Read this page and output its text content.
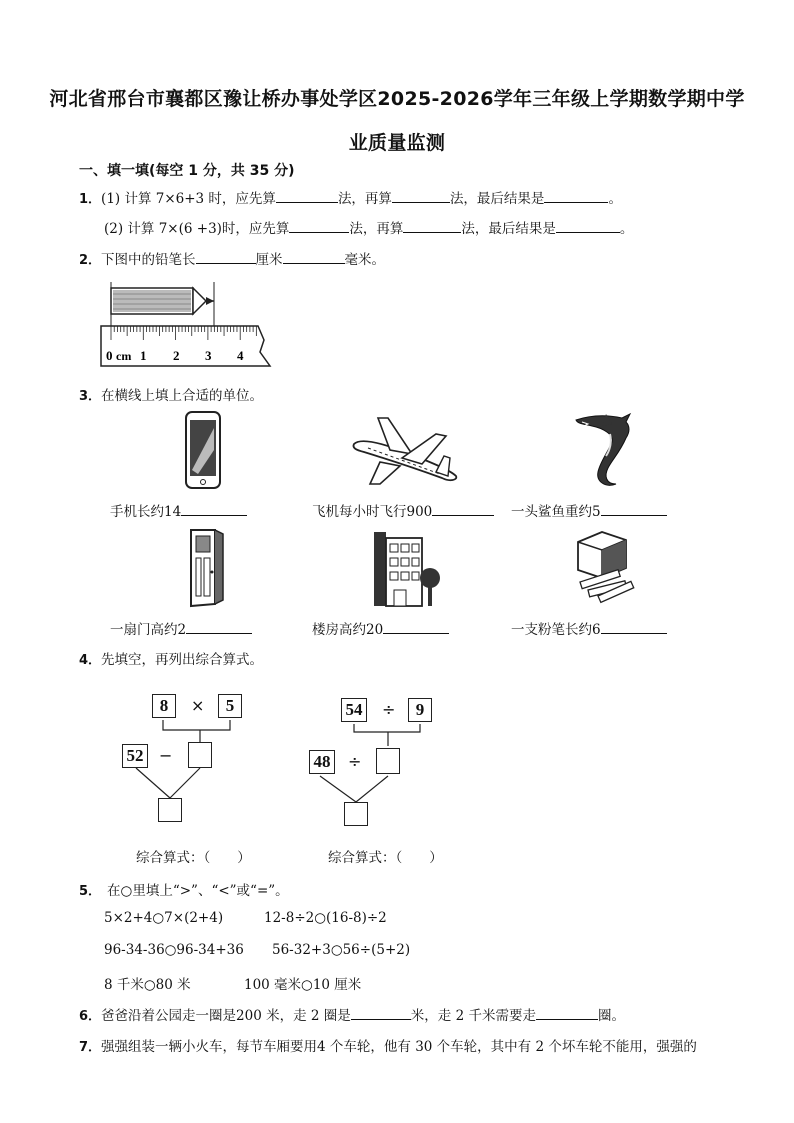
河北省邢台市襄都区豫让桥办事处学区2025-2026学年三年级上学期数学期中学
业质量监测
一、填一填(每空 1 分，共 35 分)
1．(1) 计算 7×6+3 时，应先算	法，再算	法，最后结果是	。
(2) 计算 7×(6 +3)时，应先算	法，再算	法，最后结果是	。
2．下图中的铅笔长	厘米	毫米。
0 cm 1 2 3 4
3．在横线上填上合适的单位。
手机长约14	飞机每小时飞行900	一头鲨鱼重约5
一扇门高约2	楼房高约20	一支粉笔长约6
4．先填空，再列出综合算式。
8	×	5
52 −
综合算式：（　　）
54 ÷	9
48 ÷
综合算式：（　　）
5． 在○里填上“>”、“<”或“=”。
5×2+4○7×(2+4)	12-8÷2○(16-8)÷2
96-34-36○96-34+36 56-32+3○56÷(5+2)
8 千米○80 米	100 毫米○10 厘米
6．爸爸沿着公园走一圈是200 米，走 2 圈是	米，走 2 千米需要走	圈。
7．强强组装一辆小火车，每节车厢要用4 个车轮，他有 30 个车轮，其中有 2 个坏车轮不能用，强强的
